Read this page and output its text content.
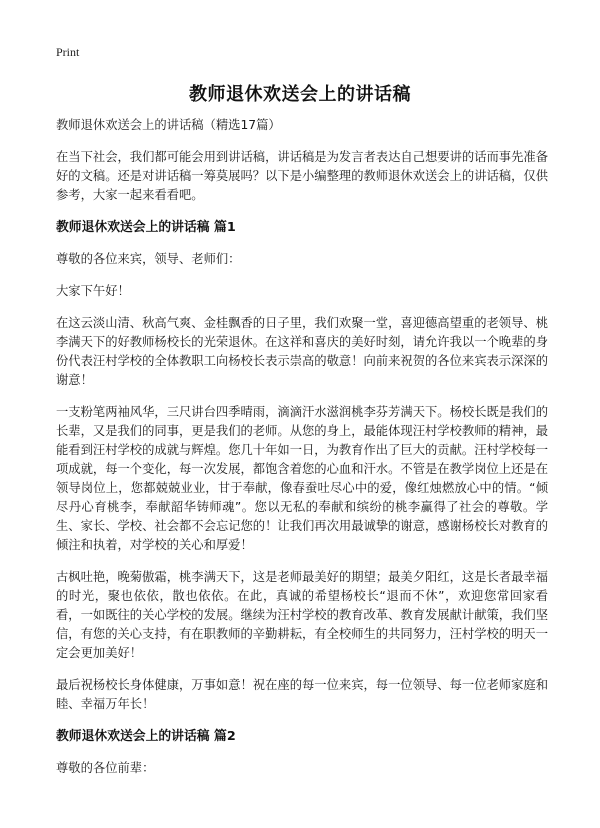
Print
教师退休欢送会上的讲话稿

教师退休欢送会上的讲话稿（精选17篇）

在当下社会，我们都可能会用到讲话稿，讲话稿是为发言者表达自己想要讲的话而事先准备好的文稿。还是对讲话稿一筹莫展吗？以下是小编整理的教师退休欢送会上的讲话稿，仅供参考，大家一起来看看吧。

教师退休欢送会上的讲话稿 篇1

尊敬的各位来宾，领导、老师们：

大家下午好！

在这云淡山清、秋高气爽、金桂飘香的日子里，我们欢聚一堂，喜迎德高望重的老领导、桃李满天下的好教师杨校长的光荣退休。在这祥和喜庆的美好时刻，请允许我以一个晚辈的身份代表汪村学校的全体教职工向杨校长表示崇高的敬意！向前来祝贺的各位来宾表示深深的谢意！

一支粉笔两袖风华，三尺讲台四季晴雨，滴滴汗水滋润桃李芬芳满天下。杨校长既是我们的长辈，又是我们的同事，更是我们的老师。从您的身上，最能体现汪村学校教师的精神，最能看到汪村学校的成就与辉煌。您几十年如一日，为教育作出了巨大的贡献。汪村学校每一项成就，每一个变化，每一次发展，都饱含着您的心血和汗水。不管是在教学岗位上还是在领导岗位上，您都兢兢业业，甘于奉献，像春蚕吐尽心中的爱，像红烛燃放心中的情。“倾尽丹心育桃李，奉献韶华铸师魂”。您以无私的奉献和缤纷的桃李赢得了社会的尊敬。学生、家长、学校、社会都不会忘记您的！让我们再次用最诚挚的谢意，感谢杨校长对教育的倾注和执着，对学校的关心和厚爱！

古枫吐艳，晚菊傲霜，桃李满天下，这是老师最美好的期望；最美夕阳红，这是长者最幸福的时光，聚也依依，散也依依。在此，真诚的希望杨校长“退而不休”，欢迎您常回家看看，一如既往的关心学校的发展。继续为汪村学校的教育改革、教育发展献计献策，我们坚信，有您的关心支持，有在职教师的辛勤耕耘，有全校师生的共同努力，汪村学校的明天一定会更加美好！

最后祝杨校长身体健康，万事如意！祝在座的每一位来宾，每一位领导、每一位老师家庭和睦、幸福万年长！

教师退休欢送会上的讲话稿 篇2

尊敬的各位前辈：
